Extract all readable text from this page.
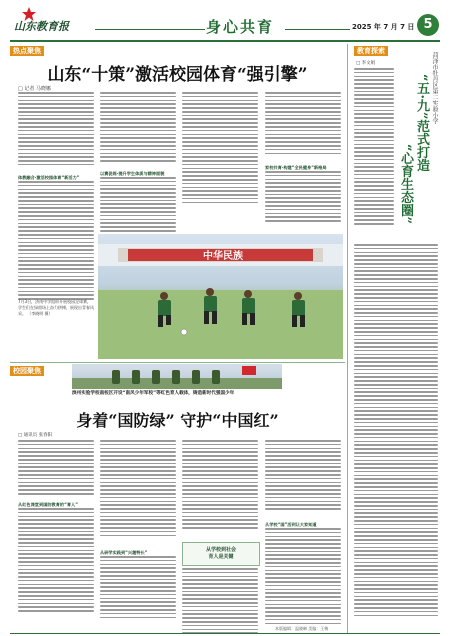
山东教育报	身心共育	2025 年 7 月 7 日 5
热点聚焦
山东“十策”激活校园体育“强引擎”
□ 记者 马晓娜
体教融合·激活校园体育“新活力”
以赛促练·提升学生体质与精神面貌
家校共育·构建“全民健身”新格局
中华民族
7月3日，济南中学组织开展校园足球赛，学生们在绿茵场上奋力拼搏，展现出青春风采。 （李晓明 摄）
教育探索
□ 李文娟	菏泽市牡丹区第二实验小学
“五·九”范式打造
“心育生态圈”
校园聚焦
滨州实验学校南校区开设“南风少年军校”等红色育人载体，铸造新时代强国少年
身着“国防绿” 守护“中国红”
□ 通讯员 张春阳
从红色课堂到国防教育的“育人”
从研学实践到“兴趣特长”	从学校到社会
育人是关键
从学校“国”活到让大家知道
本版编辑：温晓琳 美编：王梅
